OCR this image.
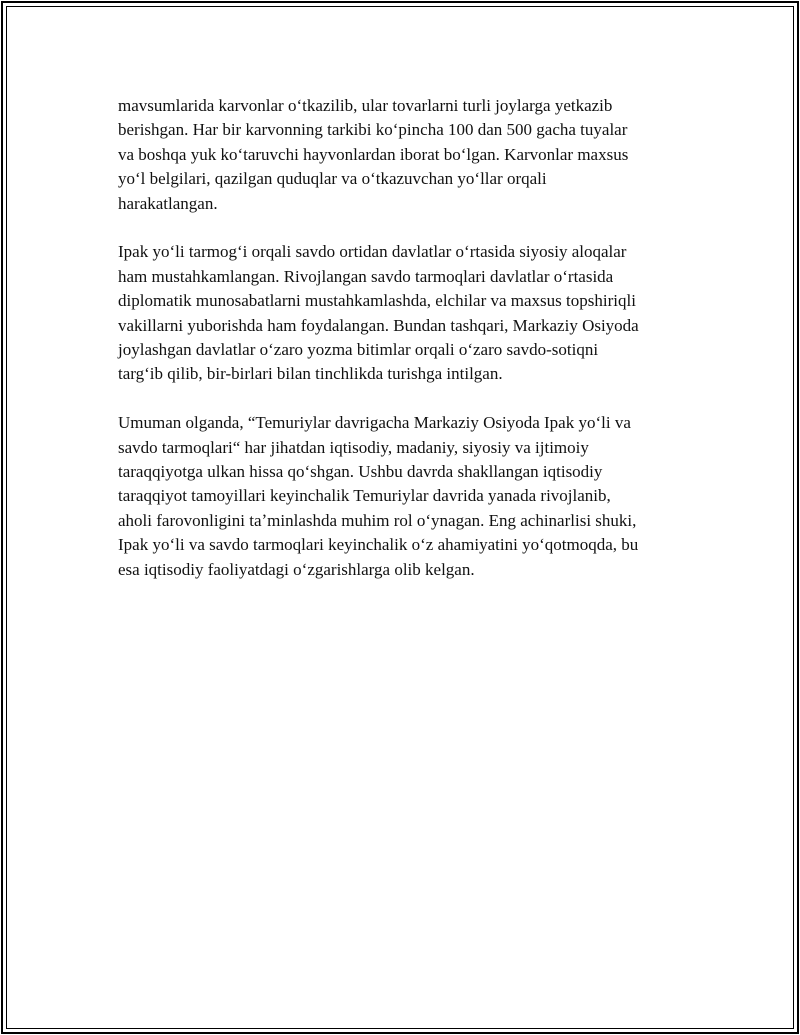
mavsumlarida karvonlar oʻtkazilib, ular tovarlarni turli joylarga yetkazib
berishgan. Har bir karvonning tarkibi koʻpincha 100 dan 500 gacha tuyalar
va boshqa yuk koʻtaruvchi hayvonlardan iborat boʻlgan. Karvonlar maxsus
yoʻl belgilari, qazilgan quduqlar va oʻtkazuvchan yoʻllar orqali
harakatlangan.

Ipak yoʻli tarmogʻi orqali savdo ortidan davlatlar oʻrtasida siyosiy aloqalar
ham mustahkamlangan. Rivojlangan savdo tarmoqlari davlatlar oʻrtasida
diplomatik munosabatlarni mustahkamlashda, elchilar va maxsus topshiriqli
vakillarni yuborishda ham foydalangan. Bundan tashqari, Markaziy Osiyoda
joylashgan davlatlar oʻzaro yozma bitimlar orqali oʻzaro savdo-sotiqni
targʻib qilib, bir-birlari bilan tinchlikda turishga intilgan.

Umuman olganda, “Temuriylar davrigacha Markaziy Osiyoda Ipak yoʻli va
savdo tarmoqlari“ har jihatdan iqtisodiy, madaniy, siyosiy va ijtimoiy
taraqqiyotga ulkan hissa qoʻshgan. Ushbu davrda shakllangan iqtisodiy
taraqqiyot tamoyillari keyinchalik Temuriylar davrida yanada rivojlanib,
aholi farovonligini taʼminlashda muhim rol oʻynagan. Eng achinarlisi shuki,
Ipak yoʻli va savdo tarmoqlari keyinchalik oʻz ahamiyatini yoʻqotmoqda, bu
esa iqtisodiy faoliyatdagi oʻzgarishlarga olib kelgan.
